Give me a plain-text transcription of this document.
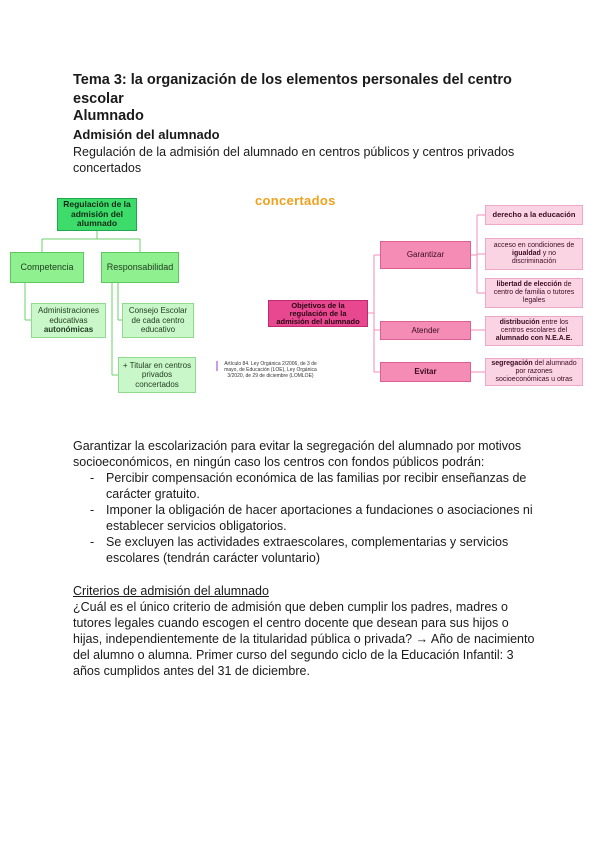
Tema 3: la organización de los elementos personales del centro escolar
Alumnado
Admisión del alumnado
Regulación de la admisión del alumnado en centros públicos y centros privados concertados
concertados
Regulación de la admisión del alumnado
Competencia	Responsabilidad
Administraciones educativas autonómicas
Consejo Escolar de cada centro educativo
+ Titular en centros privados concertados
Artículo 84. Ley Orgánica 2/2006, de 3 de mayo, de Educación (LOE), Ley Orgánica 3/2020, de 29 de diciembre (LOMLOE)
Objetivos de la regulación de la admisión del alumnado
Garantizar
Atender
Evitar
derecho a la educación
acceso en condiciones de igualdad y no discriminación
libertad de elección de centro de familia o tutores legales
distribución entre los centros escolares del alumnado con N.E.A.E.
segregación del alumnado por razones socioeconómicas u otras
Garantizar la escolarización para evitar la segregación del alumnado por motivos socioeconómicos, en ningún caso los centros con fondos públicos podrán:
- Percibir compensación económica de las familias por recibir enseñanzas de carácter gratuito.
- Imponer la obligación de hacer aportaciones a fundaciones o asociaciones ni establecer servicios obligatorios.
- Se excluyen las actividades extraescolares, complementarias y servicios escolares (tendrán carácter voluntario)
Criterios de admisión del alumnado
¿Cuál es el único criterio de admisión que deben cumplir los padres, madres o tutores legales cuando escogen el centro docente que desean para sus hijos o hijas, independientemente de la titularidad pública o privada? → Año de nacimiento del alumno o alumna. Primer curso del segundo ciclo de la Educación Infantil: 3 años cumplidos antes del 31 de diciembre.
